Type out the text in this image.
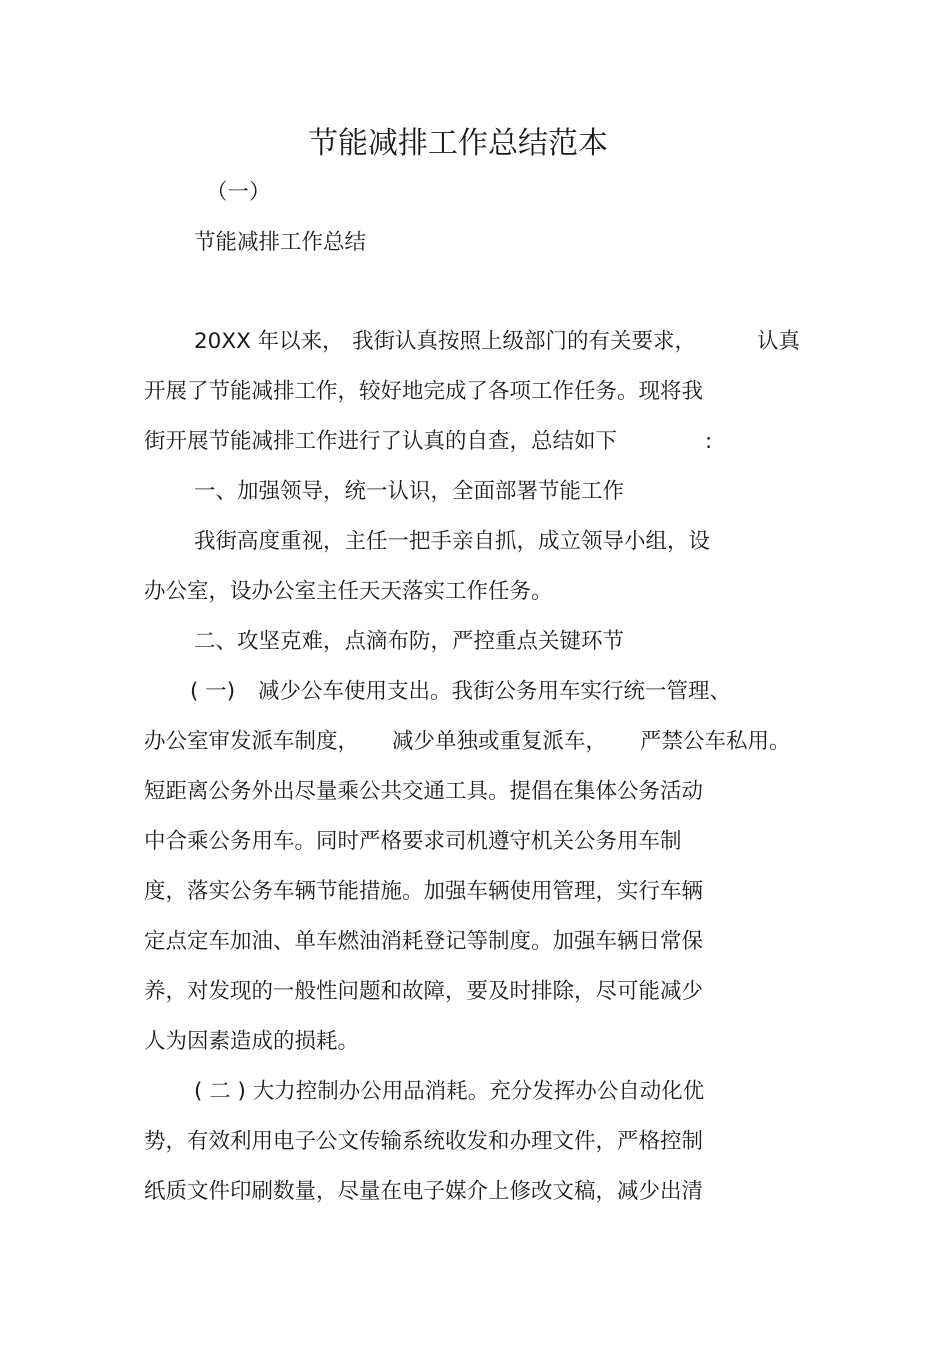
节能减排工作总结范本
（一）
节能减排工作总结
20XX 年以来， 我街认真按照上级部门的有关要求，	认真
开展了节能减排工作，较好地完成了各项工作任务。现将我
街开展节能减排工作进行了认真的自查，总结如下	:
一、加强领导，统一认识，全面部署节能工作
我街高度重视，主任一把手亲自抓，成立领导小组，设
办公室，设办公室主任天天落实工作任务。
二、攻坚克难，点滴布防，严控重点关键环节
( 一) 减少公车使用支出。我街公务用车实行统一管理、
办公室审发派车制度， 减少单独或重复派车， 严禁公车私用。
短距离公务外出尽量乘公共交通工具。提倡在集体公务活动
中合乘公务用车。同时严格要求司机遵守机关公务用车制
度，落实公务车辆节能措施。加强车辆使用管理，实行车辆
定点定车加油、单车燃油消耗登记等制度。加强车辆日常保
养，对发现的一般性问题和故障，要及时排除，尽可能减少
人为因素造成的损耗。
( 二 ) 大力控制办公用品消耗。充分发挥办公自动化优
势，有效利用电子公文传输系统收发和办理文件，严格控制
纸质文件印刷数量，尽量在电子媒介上修改文稿，减少出清
